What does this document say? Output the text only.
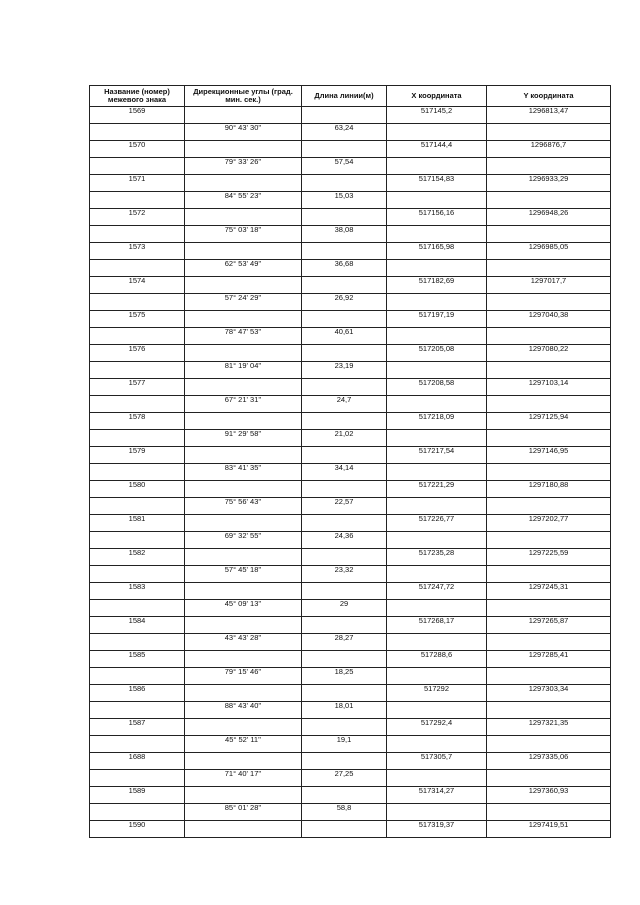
Название (номер) межевого знака	Дирекционные углы (град. мин. сек.)	Длина линии(м)	X координата	Y координата
1569			517145,2	1296813,47
	90° 43' 30''	63,24		
1570			517144,4	1296876,7
	79° 33' 26''	57,54		
1571			517154,83	1296933,29
	84° 55' 23''	15,03		
1572			517156,16	1296948,26
	75° 03' 18''	38,08		
1573			517165,98	1296985,05
	62° 53' 49''	36,68		
1574			517182,69	1297017,7
	57° 24' 29''	26,92		
1575			517197,19	1297040,38
	78° 47' 53''	40,61		
1576			517205,08	1297080,22
	81° 19' 04''	23,19		
1577			517208,58	1297103,14
	67° 21' 31''	24,7		
1578			517218,09	1297125,94
	91° 29' 58''	21,02		
1579			517217,54	1297146,95
	83° 41' 35''	34,14		
1580			517221,29	1297180,88
	75° 56' 43''	22,57		
1581			517226,77	1297202,77
	69° 32' 55''	24,36		
1582			517235,28	1297225,59
	57° 45' 18''	23,32		
1583			517247,72	1297245,31
	45° 09' 13''	29		
1584			517268,17	1297265,87
	43° 43' 28''	28,27		
1585			517288,6	1297285,41
	79° 15' 46''	18,25		
1586			517292	1297303,34
	88° 43' 40''	18,01		
1587			517292,4	1297321,35
	45° 52' 11''	19,1		
1688			517305,7	1297335,06
	71° 40' 17''	27,25		
1589			517314,27	1297360,93
	85° 01' 28''	58,8		
1590			517319,37	1297419,51
